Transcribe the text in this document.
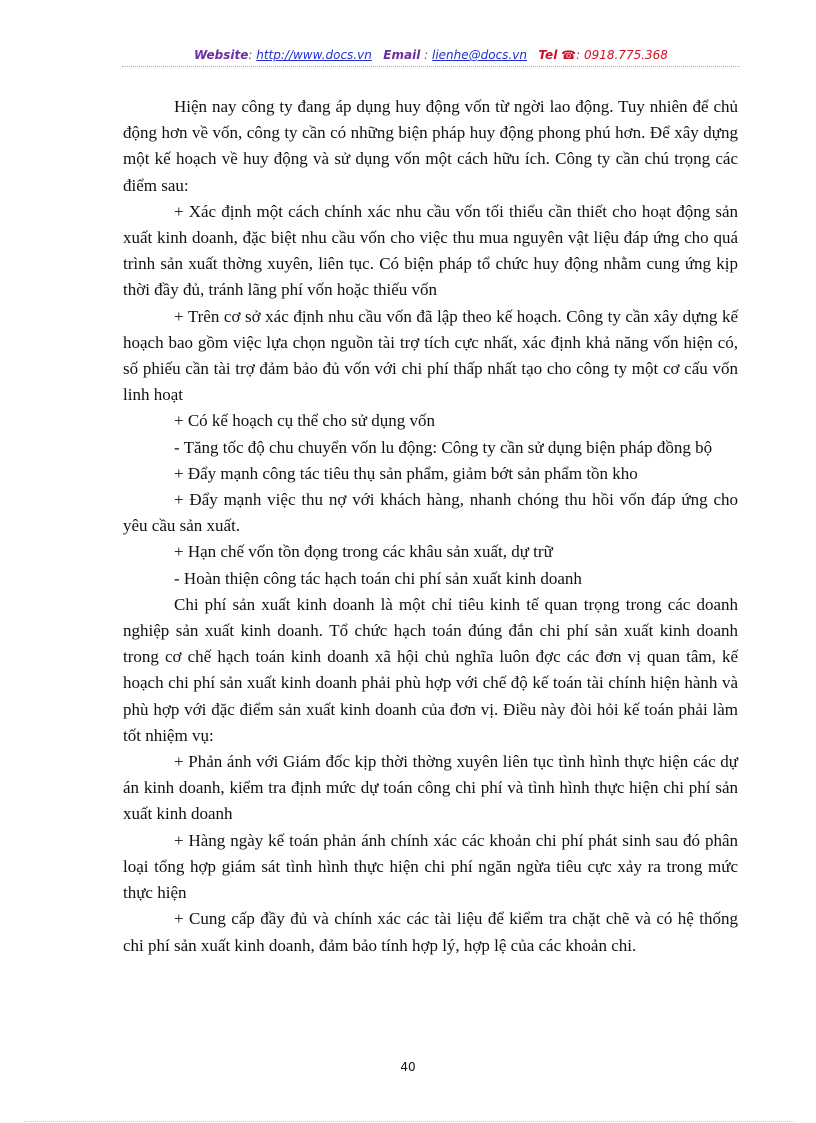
Website: http://www.docs.vn Email : lienhe@docs.vn Tel ☎: 0918.775.368

Hiện nay công ty đang áp dụng huy động vốn từ ngời lao động. Tuy nhiên để chủ động hơn về vốn, công ty cần có những biện pháp huy động phong phú hơn. Để xây dựng một kế hoạch về huy động và sử dụng vốn một cách hữu ích. Công ty cần chú trọng các điểm sau:

+ Xác định một cách chính xác nhu cầu vốn tối thiểu cần thiết cho hoạt động sản xuất kinh doanh, đặc biệt nhu cầu vốn cho việc thu mua nguyên vật liệu đáp ứng cho quá trình sản xuất thờng xuyên, liên tục. Có biện pháp tổ chức huy động nhằm cung ứng kịp thời đầy đủ, tránh lãng phí vốn hoặc thiếu vốn

+ Trên cơ sở xác định nhu cầu vốn đã lập theo kế hoạch. Công ty cần xây dựng kế hoạch bao gồm việc lựa chọn nguồn tài trợ tích cực nhất, xác định khả năng vốn hiện có, số phiếu cần tài trợ đảm bảo đủ vốn với chi phí thấp nhất tạo cho công ty một cơ cấu vốn linh hoạt

+ Có kế hoạch cụ thể cho sử dụng vốn

- Tăng tốc độ chu chuyển vốn lu động: Công ty cần sử dụng biện pháp đồng bộ

+ Đẩy mạnh công tác tiêu thụ sản phẩm, giảm bớt sản phẩm tồn kho

+ Đẩy mạnh việc thu nợ với khách hàng, nhanh chóng thu hồi vốn đáp ứng cho yêu cầu sản xuất.

+ Hạn chế vốn tồn đọng trong các khâu sản xuất, dự trữ

- Hoàn thiện công tác hạch toán chi phí sản xuất kinh doanh

Chi phí sản xuất kinh doanh là một chỉ tiêu kinh tế quan trọng trong các doanh nghiệp sản xuất kinh doanh. Tổ chức hạch toán đúng đắn chi phí sản xuất kinh doanh trong cơ chế hạch toán kinh doanh xã hội chủ nghĩa luôn đợc các đơn vị quan tâm, kế hoạch chi phí sản xuất kinh doanh phải phù hợp với chế độ kế toán tài chính hiện hành và phù hợp với đặc điểm sản xuất kinh doanh của đơn vị. Điều này đòi hỏi kế toán phải làm tốt nhiệm vụ:

+ Phản ánh với Giám đốc kịp thời thờng xuyên liên tục tình hình thực hiện các dự án kinh doanh, kiểm tra định mức dự toán công chi phí và tình hình thực hiện chi phí sản xuất kinh doanh

+ Hàng ngày kế toán phản ánh chính xác các khoản chi phí phát sinh sau đó phân loại tổng hợp giám sát tình hình thực hiện chi phí ngăn ngừa tiêu cực xảy ra trong mức thực hiện

+ Cung cấp đầy đủ và chính xác các tài liệu để kiểm tra chặt chẽ và có hệ thống chi phí sản xuất kinh doanh, đảm bảo tính hợp lý, hợp lệ của các khoản chi.

40
